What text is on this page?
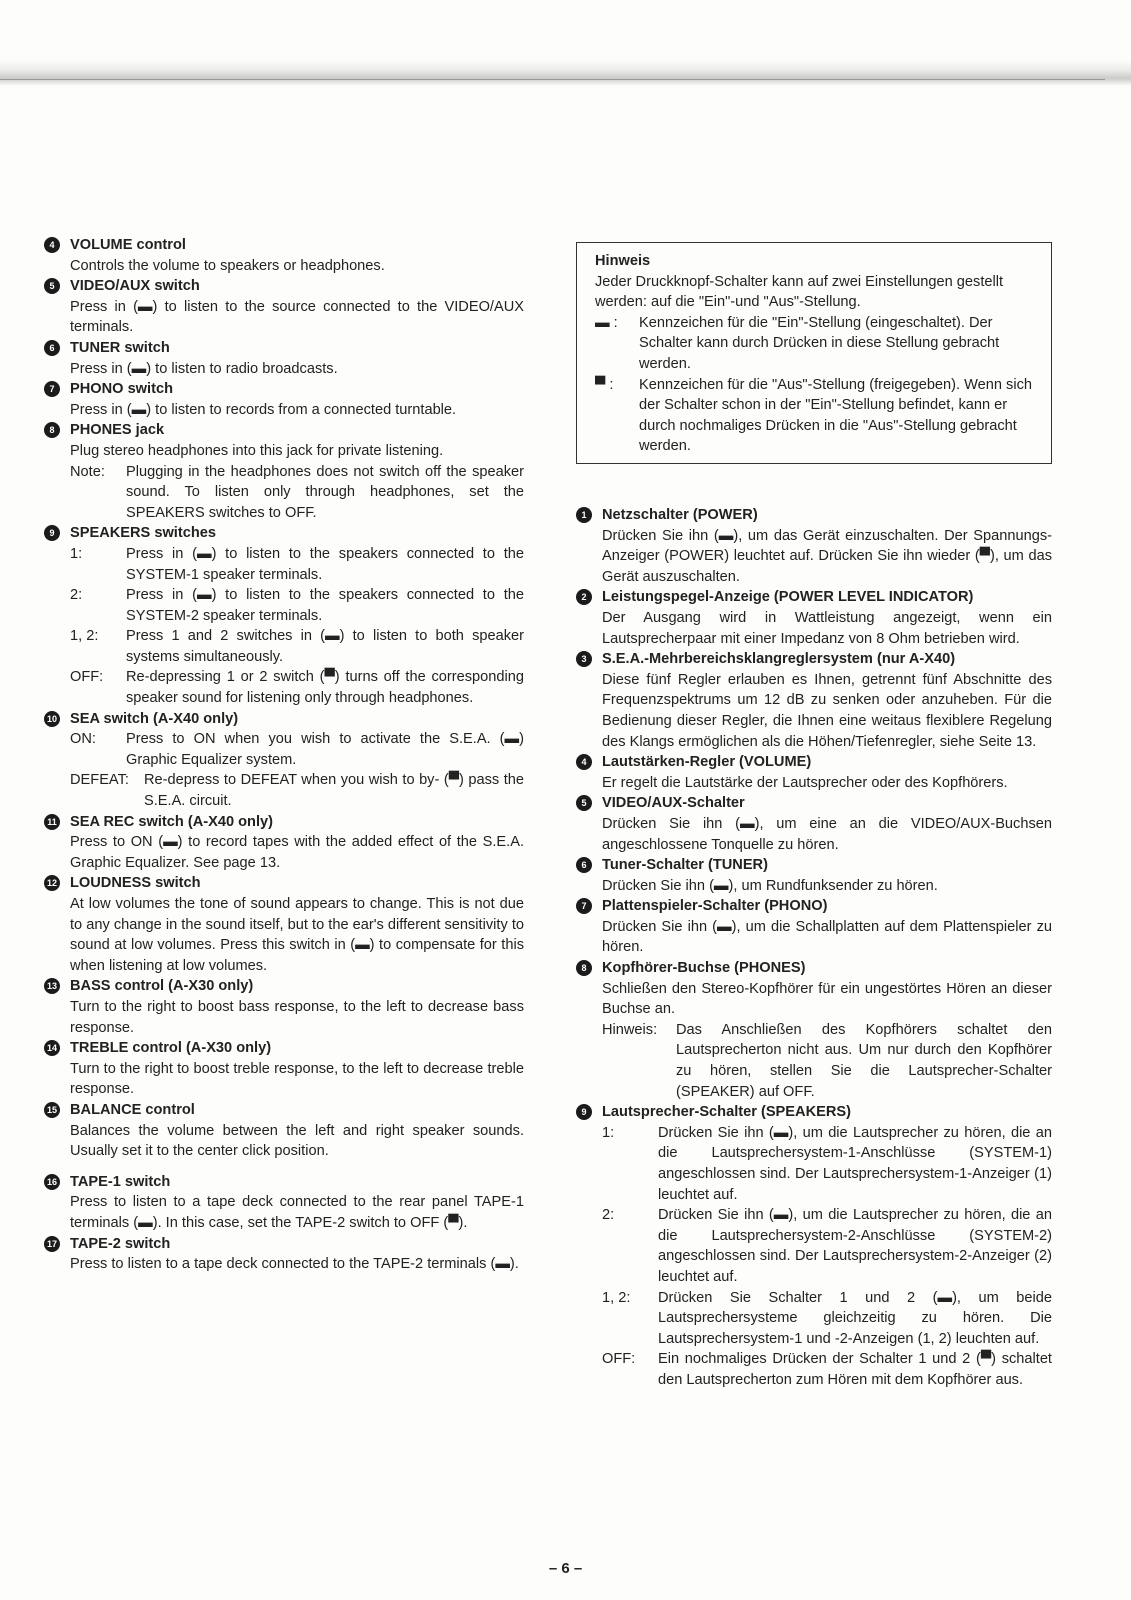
4	VOLUME control
Controls the volume to speakers or headphones.
5	VIDEO/AUX switch
Press in (▬) to listen to the source connected to the VIDEO/AUX terminals.
6	TUNER switch
Press in (▬) to listen to radio broadcasts.
7	PHONO switch
Press in (▬) to listen to records from a connected turntable.
8	PHONES jack
Plug stereo headphones into this jack for private listening.
Note:	Plugging in the headphones does not switch off the speaker sound. To listen only through headphones, set the SPEAKERS switches to OFF.
9	SPEAKERS switches
1:	Press in (▬) to listen to the speakers connected to the SYSTEM-1 speaker terminals.
2:	Press in (▬) to listen to the speakers connected to the SYSTEM-2 speaker terminals.
1, 2:	Press 1 and 2 switches in (▬) to listen to both speaker systems simultaneously.
OFF:	Re-depressing 1 or 2 switch (▀) turns off the corresponding speaker sound for listening only through headphones.
10 SEA switch (A-X40 only)
ON:	Press to ON when you wish to activate the S.E.A. (▬) Graphic Equalizer system.
DEFEAT:	Re-depress to DEFEAT when you wish to by- (▀) pass the S.E.A. circuit.
11 SEA REC switch (A-X40 only)
Press to ON (▬) to record tapes with the added effect of the S.E.A. Graphic Equalizer. See page 13.
12 LOUDNESS switch
At low volumes the tone of sound appears to change. This is not due to any change in the sound itself, but to the ear's different sensitivity to sound at low volumes. Press this switch in (▬) to compensate for this when listening at low volumes.
13 BASS control (A-X30 only)
Turn to the right to boost bass response, to the left to decrease bass response.
14 TREBLE control (A-X30 only)
Turn to the right to boost treble response, to the left to decrease treble response.
15 BALANCE control
Balances the volume between the left and right speaker sounds. Usually set it to the center click position.
16 TAPE-1 switch
Press to listen to a tape deck connected to the rear panel TAPE-1 terminals (▬). In this case, set the TAPE-2 switch to OFF (▀).
17 TAPE-2 switch
Press to listen to a tape deck connected to the TAPE-2 terminals (▬).
Hinweis
Jeder Druckknopf-Schalter kann auf zwei Einstellungen gestellt werden: auf die "Ein"-und "Aus"-Stellung.
▬ :	Kennzeichen für die "Ein"-Stellung (eingeschaltet). Der Schalter kann durch Drücken in diese Stellung gebracht werden.
▀ :	Kennzeichen für die "Aus"-Stellung (freigegeben). Wenn sich der Schalter schon in der "Ein"-Stellung befindet, kann er durch nochmaliges Drücken in die "Aus"-Stellung gebracht werden.
1	Netzschalter (POWER)
Drücken Sie ihn (▬), um das Gerät einzuschalten. Der Spannungs-Anzeiger (POWER) leuchtet auf. Drücken Sie ihn wieder (▀), um das Gerät auszuschalten.
2	Leistungspegel-Anzeige (POWER LEVEL INDICATOR)
Der Ausgang wird in Wattleistung angezeigt, wenn ein Lautsprecherpaar mit einer Impedanz von 8 Ohm betrieben wird.
3	S.E.A.-Mehrbereichsklangreglersystem (nur A-X40)
Diese fünf Regler erlauben es Ihnen, getrennt fünf Abschnitte des Frequenzspektrums um 12 dB zu senken oder anzuheben. Für die Bedienung dieser Regler, die Ihnen eine weitaus flexiblere Regelung des Klangs ermöglichen als die Höhen/Tiefenregler, siehe Seite 13.
4	Lautstärken-Regler (VOLUME)
Er regelt die Lautstärke der Lautsprecher oder des Kopfhörers.
5	VIDEO/AUX-Schalter
Drücken Sie ihn (▬), um eine an die VIDEO/AUX-Buchsen angeschlossene Tonquelle zu hören.
6	Tuner-Schalter (TUNER)
Drücken Sie ihn (▬), um Rundfunksender zu hören.
7	Plattenspieler-Schalter (PHONO)
Drücken Sie ihn (▬), um die Schallplatten auf dem Plattenspieler zu hören.
8	Kopfhörer-Buchse (PHONES)
Schließen den Stereo-Kopfhörer für ein ungestörtes Hören an dieser Buchse an.
Hinweis:	Das Anschließen des Kopfhörers schaltet den Lautsprecherton nicht aus. Um nur durch den Kopfhörer zu hören, stellen Sie die Lautsprecher-Schalter (SPEAKER) auf OFF.
9	Lautsprecher-Schalter (SPEAKERS)
1:	Drücken Sie ihn (▬), um die Lautsprecher zu hören, die an die Lautsprechersystem-1-Anschlüsse (SYSTEM-1) angeschlossen sind. Der Lautsprechersystem-1-Anzeiger (1) leuchtet auf.
2:	Drücken Sie ihn (▬), um die Lautsprecher zu hören, die an die Lautsprechersystem-2-Anschlüsse (SYSTEM-2) angeschlossen sind. Der Lautsprechersystem-2-Anzeiger (2) leuchtet auf.
1, 2:	Drücken Sie Schalter 1 und 2 (▬), um beide Lautsprechersysteme gleichzeitig zu hören. Die Lautsprechersystem-1 und -2-Anzeigen (1, 2) leuchten auf.
OFF:	Ein nochmaliges Drücken der Schalter 1 und 2 (▀) schaltet den Lautsprecherton zum Hören mit dem Kopfhörer aus.
– 6 –
